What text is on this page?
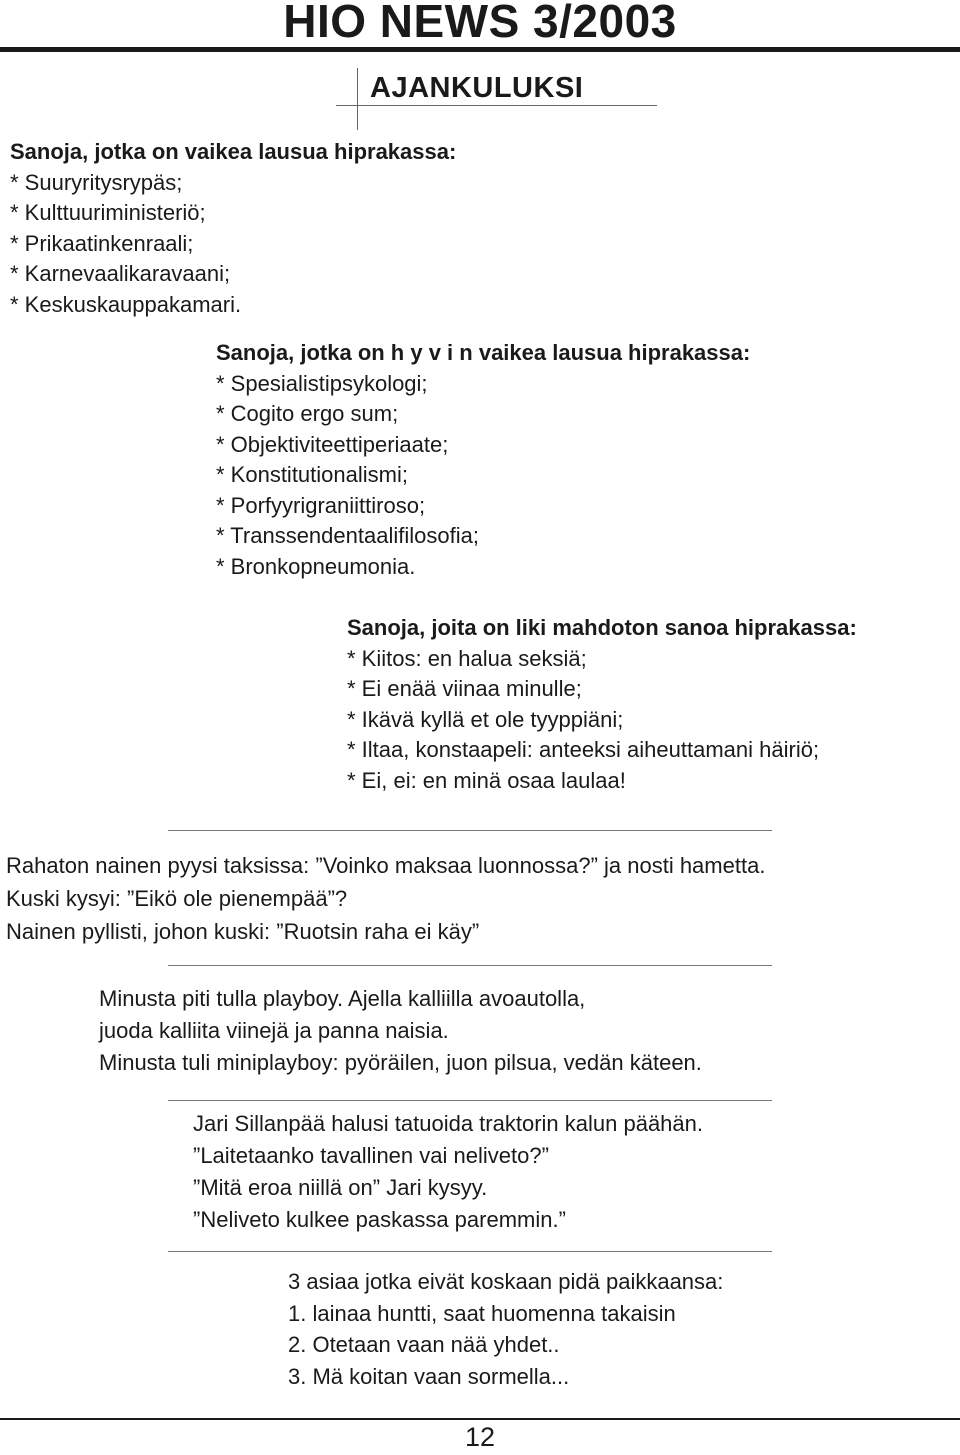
HIO NEWS 3/2003
AJANKULUKSI
Sanoja, jotka on vaikea lausua hiprakassa:
* Suuryritysrypäs;
* Kulttuuriministeriö;
* Prikaatinkenraali;
* Karnevaalikaravaani;
* Keskuskauppakamari.
Sanoja, jotka on h y v i n vaikea lausua hiprakassa:
* Spesialistipsykologi;
* Cogito ergo sum;
* Objektiviteettiperiaate;
* Konstitutionalismi;
* Porfyyrigraniittiroso;
* Transsendentaalifilosofia;
* Bronkopneumonia.
Sanoja, joita on liki mahdoton sanoa hiprakassa:
* Kiitos: en halua seksiä;
* Ei enää viinaa minulle;
* Ikävä kyllä et ole tyyppiäni;
* Iltaa, konstaapeli: anteeksi aiheuttamani häiriö;
* Ei, ei: en minä osaa laulaa!
Rahaton nainen pyysi taksissa: ”Voinko maksaa luonnossa?” ja nosti hametta.
Kuski kysyi: ”Eikö ole pienempää”?
Nainen pyllisti, johon kuski: ”Ruotsin raha ei käy”
Minusta piti tulla playboy. Ajella kalliilla avoautolla,
juoda kalliita viinejä ja panna naisia.
Minusta tuli miniplayboy: pyöräilen, juon pilsua, vedän käteen.
Jari Sillanpää halusi tatuoida traktorin kalun päähän.
”Laitetaanko tavallinen vai neliveto?”
”Mitä eroa niillä on” Jari kysyy.
”Neliveto kulkee paskassa paremmin.”
3 asiaa jotka eivät koskaan pidä paikkaansa:
1. lainaa huntti, saat huomenna takaisin
2. Otetaan vaan nää yhdet..
3. Mä koitan vaan sormella...
12
